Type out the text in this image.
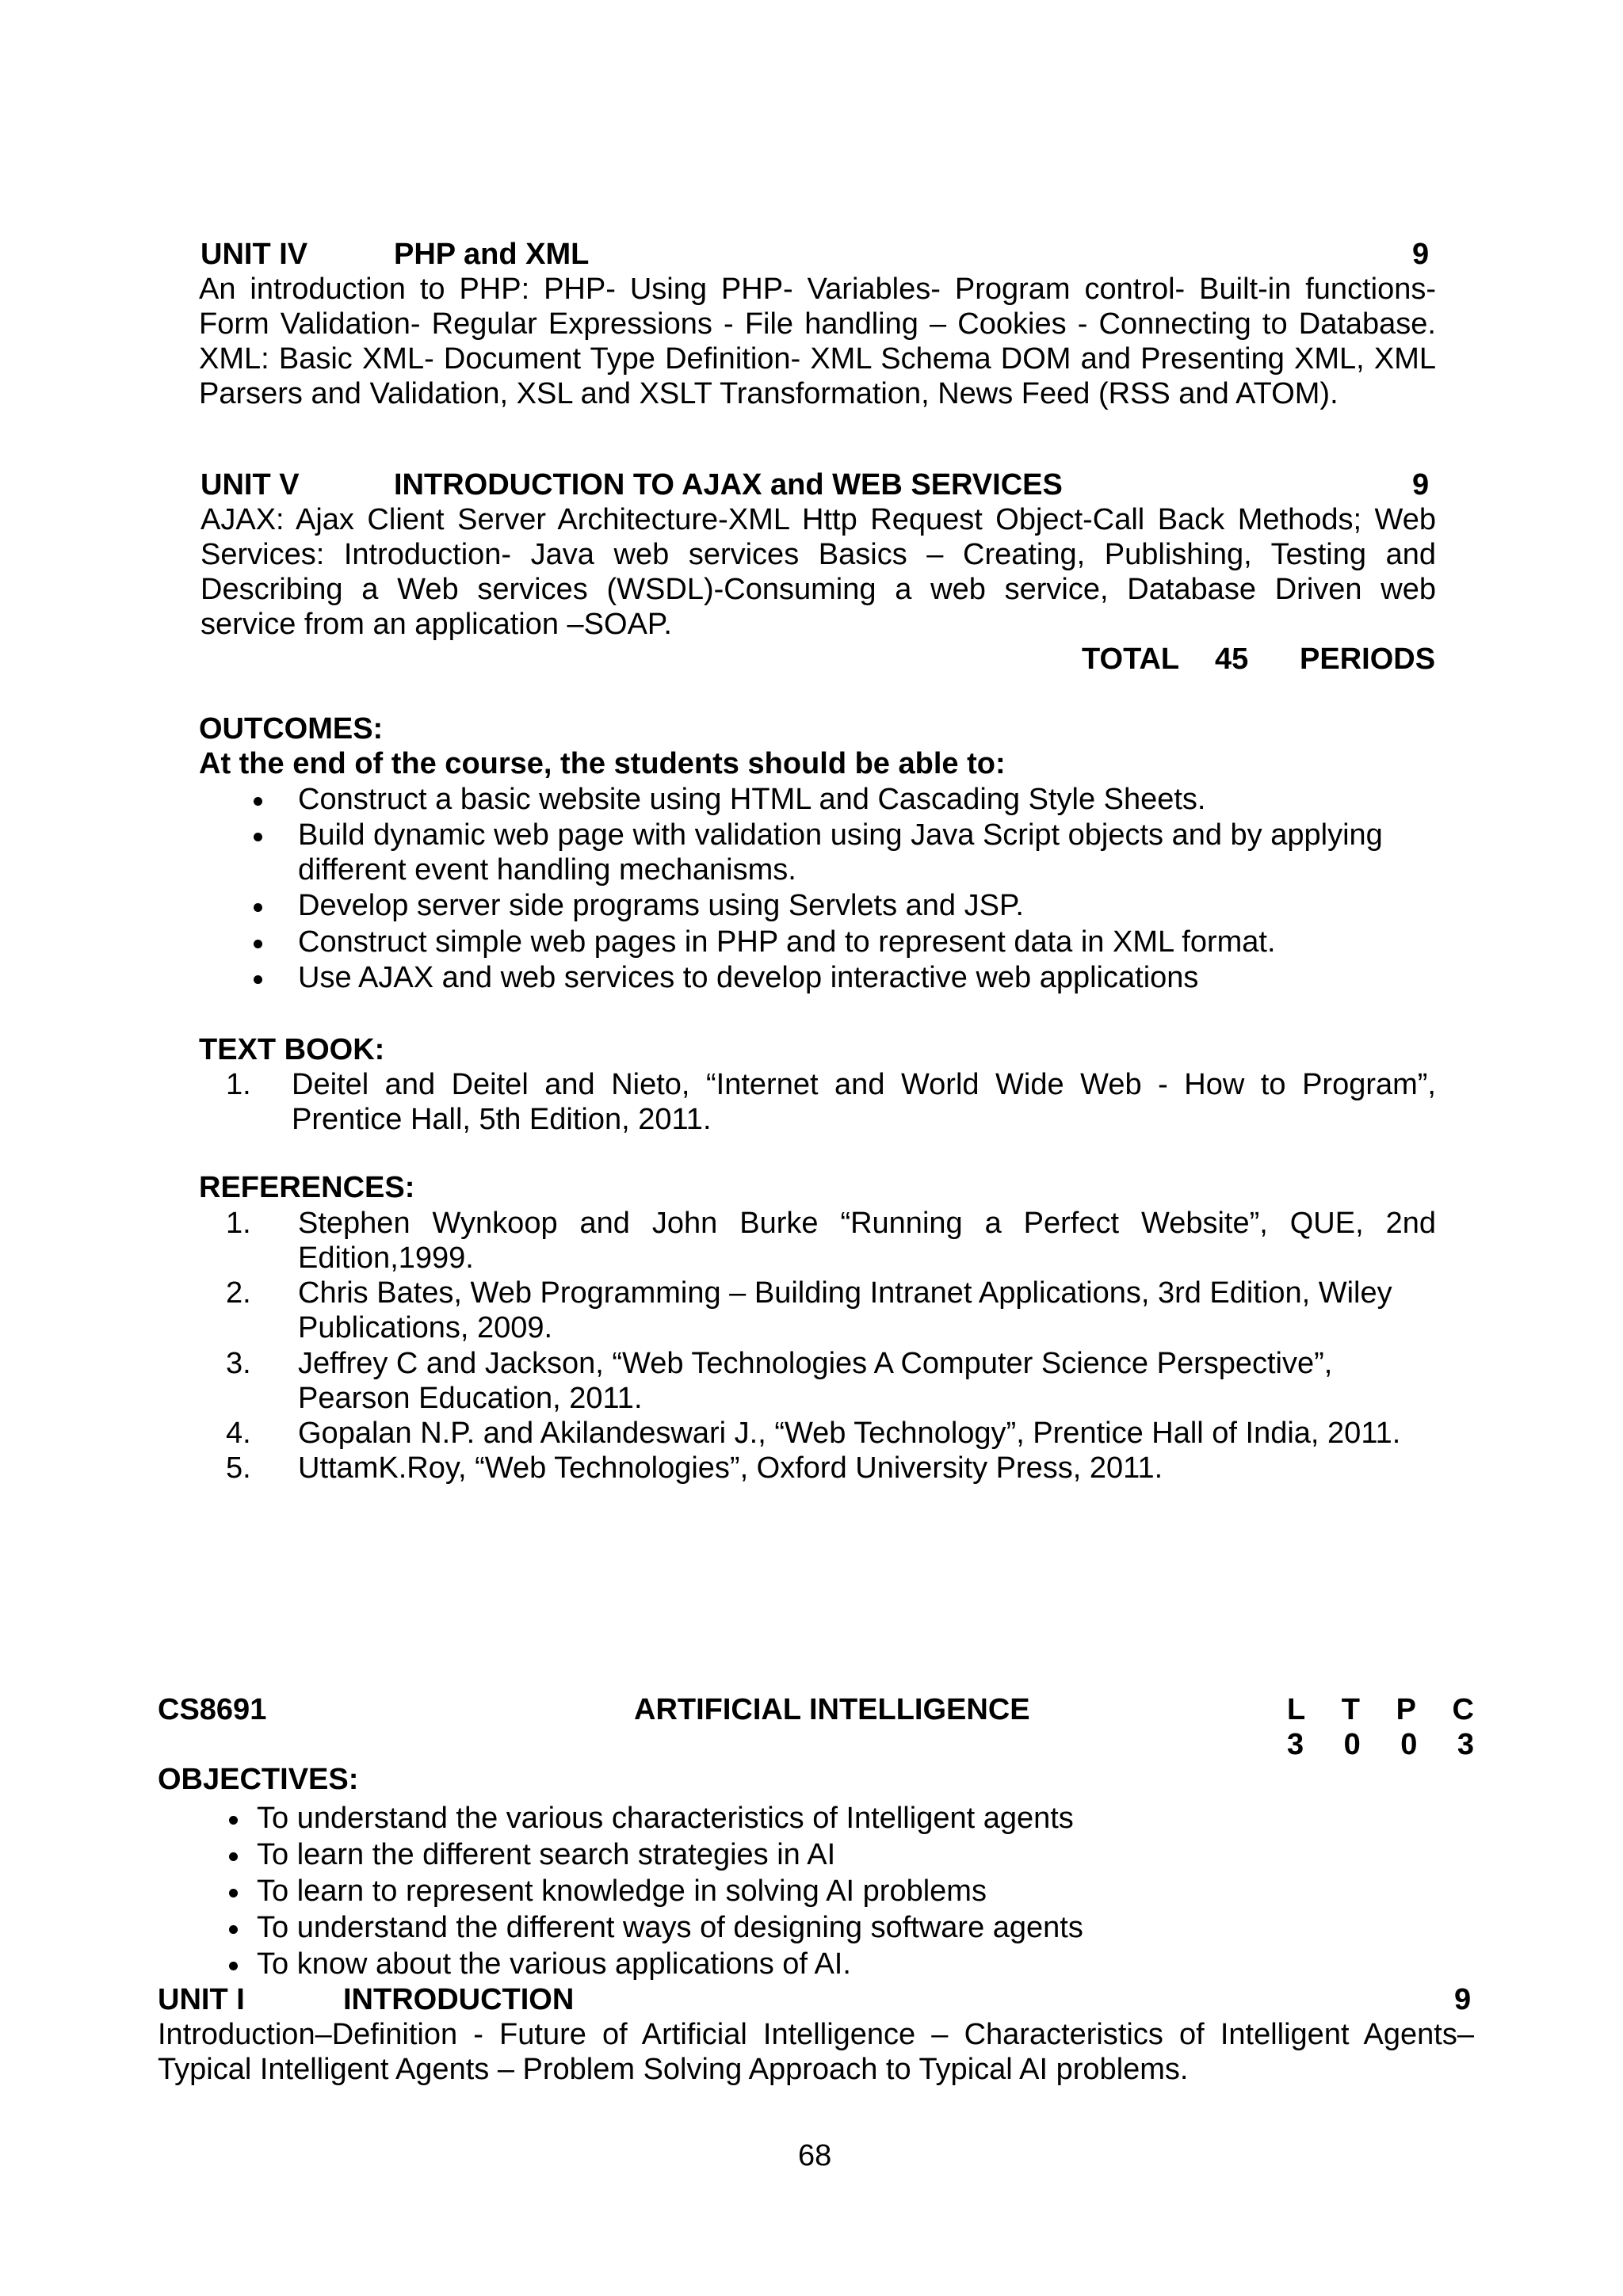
UNIT IV	PHP and XML	9
An introduction to PHP: PHP- Using PHP- Variables- Program control- Built-in functions-
Form Validation- Regular Expressions - File handling – Cookies - Connecting to Database.
XML: Basic XML- Document Type Definition- XML Schema DOM and Presenting XML, XML
Parsers and Validation, XSL and XSLT Transformation, News Feed (RSS and ATOM).
UNIT V	INTRODUCTION TO AJAX and WEB SERVICES	9
AJAX: Ajax Client Server Architecture-XML Http Request Object-Call Back Methods; Web
Services: Introduction- Java web services Basics – Creating, Publishing, Testing and
Describing a Web services (WSDL)-Consuming a web service, Database Driven web
service from an application –SOAP.
TOTAL 45 PERIODS
OUTCOMES:
At the end of the course, the students should be able to:
Construct a basic website using HTML and Cascading Style Sheets.
Build dynamic web page with validation using Java Script objects and by applying
different event handling mechanisms.
Develop server side programs using Servlets and JSP.
Construct simple web pages in PHP and to represent data in XML format.
Use AJAX and web services to develop interactive web applications
TEXT BOOK:
1. Deitel and Deitel and Nieto, “Internet and World Wide Web - How to Program”,
Prentice Hall, 5th Edition, 2011.
REFERENCES:
1. Stephen Wynkoop and John Burke “Running a Perfect Website”, QUE, 2nd
Edition,1999.
2. Chris Bates, Web Programming – Building Intranet Applications, 3rd Edition, Wiley
Publications, 2009.
3. Jeffrey C and Jackson, “Web Technologies A Computer Science Perspective”,
Pearson Education, 2011.
4. Gopalan N.P. and Akilandeswari J., “Web Technology”, Prentice Hall of India, 2011.
5. UttamK.Roy, “Web Technologies”, Oxford University Press, 2011.
CS8691	ARTIFICIAL INTELLIGENCE	L T P C
3 0 0 3
OBJECTIVES:
To understand the various characteristics of Intelligent agents
To learn the different search strategies in AI
To learn to represent knowledge in solving AI problems
To understand the different ways of designing software agents
To know about the various applications of AI.
UNIT I	INTRODUCTION	9
Introduction–Definition - Future of Artificial Intelligence – Characteristics of Intelligent Agents–
Typical Intelligent Agents – Problem Solving Approach to Typical AI problems.
68
